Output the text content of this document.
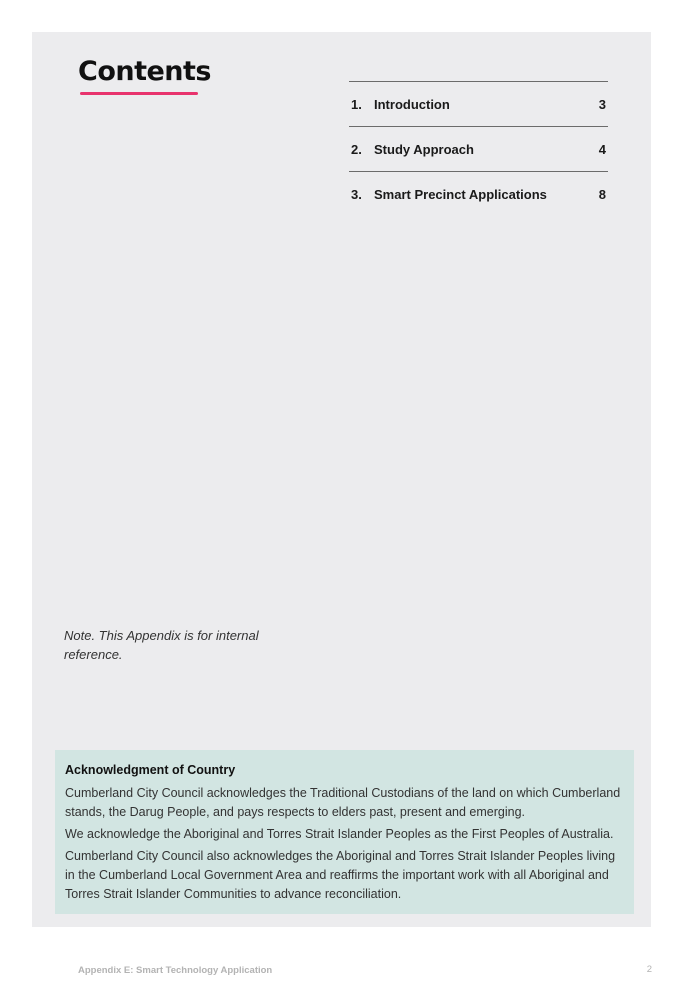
Contents
1. Introduction	3
2. Study Approach	4
3. Smart Precinct Applications	8

Note. This Appendix is for internal reference.

Acknowledgment of Country

Cumberland City Council acknowledges the Traditional Custodians of the land on which Cumberland stands, the Darug People, and pays respects to elders past, present and emerging.

We acknowledge the Aboriginal and Torres Strait Islander Peoples as the First Peoples of Australia.

Cumberland City Council also acknowledges the Aboriginal and Torres Strait Islander Peoples living in the Cumberland Local Government Area and reaffirms the important work with all Aboriginal and Torres Strait Islander Communities to advance reconciliation.

Appendix E: Smart Technology Application	2
